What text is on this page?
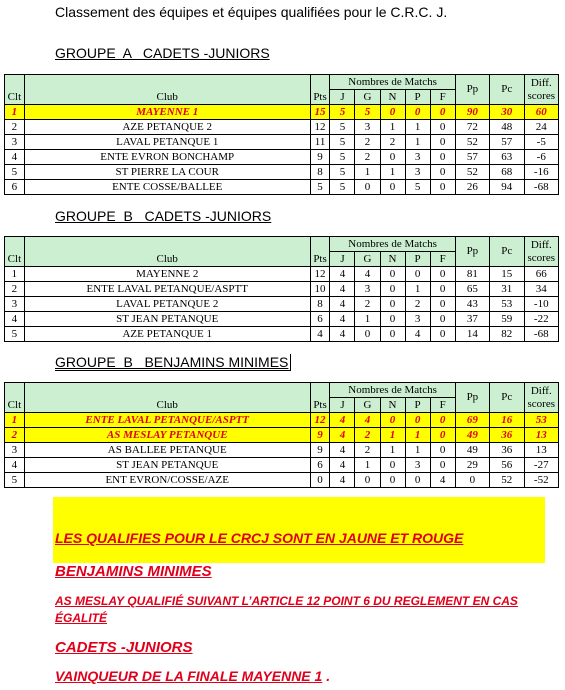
Classement des équipes et équipes qualifiées pour le C.R.C. J.
GROUPE  A   CADETS -JUNIORS
Clt	Club	Pts	Nombres de Matchs					Pp	Pc	Diff.
scores

			J	G	N	P	F			
1	MAYENNE 1	15	5	5	0	0	0	90	30	60
2	AZE PETANQUE 2	12	5	3	1	1	0	72	48	24
3	LAVAL PETANQUE 1	11	5	2	2	1	0	52	57	-5
4	ENTE EVRON BONCHAMP	9	5	2	0	3	0	57	63	-6
5	ST PIERRE LA COUR	8	5	1	1	3	0	52	68	-16
6	ENTE COSSE/BALLEE	5	5	0	0	5	0	26	94	-68
GROUPE  B   CADETS -JUNIORS
Clt	Club	Pts	Nombres de Matchs					Pp	Pc	Diff.
scores

			J	G	N	P	F			
1	MAYENNE 2	12	4	4	0	0	0	81	15	66
2	ENTE LAVAL PETANQUE/ASPTT	10	4	3	0	1	0	65	31	34
3	LAVAL PETANQUE 2	8	4	2	0	2	0	43	53	-10
4	ST JEAN PETANQUE	6	4	1	0	3	0	37	59	-22
5	AZE PETANQUE 1	4	4	0	0	4	0	14	82	-68
GROUPE  B   BENJAMINS MINIMES
Clt	Club	Pts	Nombres de Matchs					Pp	Pc	Diff.
scores

			J	G	N	P	F			
1	ENTE LAVAL PETANQUE/ASPTT	12	4	4	0	0	0	69	16	53
2	AS MESLAY PETANQUE	9	4	2	1	1	0	49	36	13
3	AS BALLEE PETANQUE	9	4	2	1	1	0	49	36	13
4	ST JEAN PETANQUE	6	4	1	0	3	0	29	56	-27
5	ENT EVRON/COSSE/AZE	0	4	0	0	0	4	0	52	-52
LES QUALIFIES POUR LE CRCJ SONT EN JAUNE ET ROUGE
BENJAMINS MINIMES
AS MESLAY QUALIFIÉ SUIVANT L’ARTICLE 12 POINT 6 DU REGLEMENT EN CAS ÉGALITÉ
CADETS -JUNIORS
VAINQUEUR DE LA FINALE MAYENNE 1 .
